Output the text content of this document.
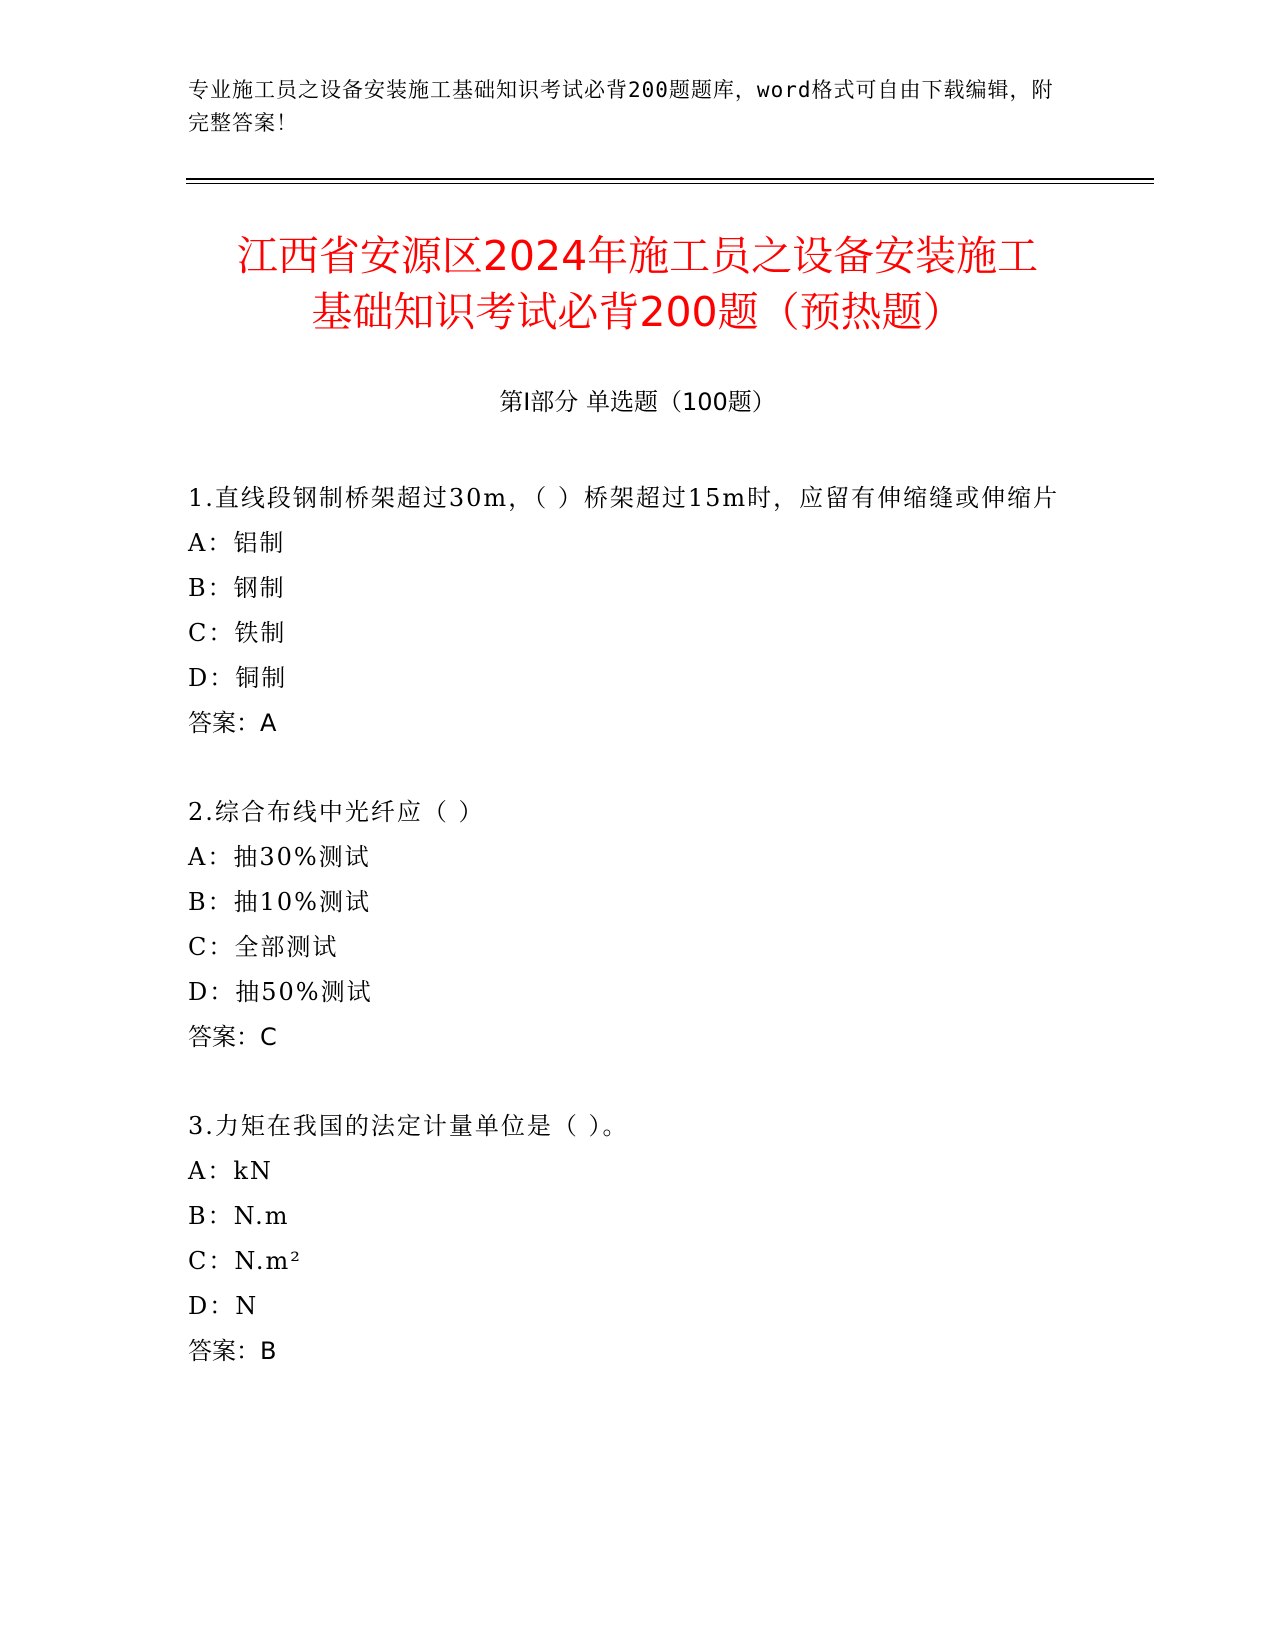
专业施工员之设备安装施工基础知识考试必背200题题库，word格式可自由下载编辑，附完整答案！
江西省安源区2024年施工员之设备安装施工
基础知识考试必背200题（预热题）
第Ⅰ部分 单选题（100题）
1.直线段钢制桥架超过30m，（ ）桥架超过15m时，应留有伸缩缝或伸缩片
A：铝制
B：钢制
C：铁制
D：铜制
答案：A
2.综合布线中光纤应（ ）
A：抽30%测试
B：抽10%测试
C：全部测试
D：抽50%测试
答案：C
3.力矩在我国的法定计量单位是（ ）。
A：kN
B：N.m
C：N.m²
D：N
答案：B
